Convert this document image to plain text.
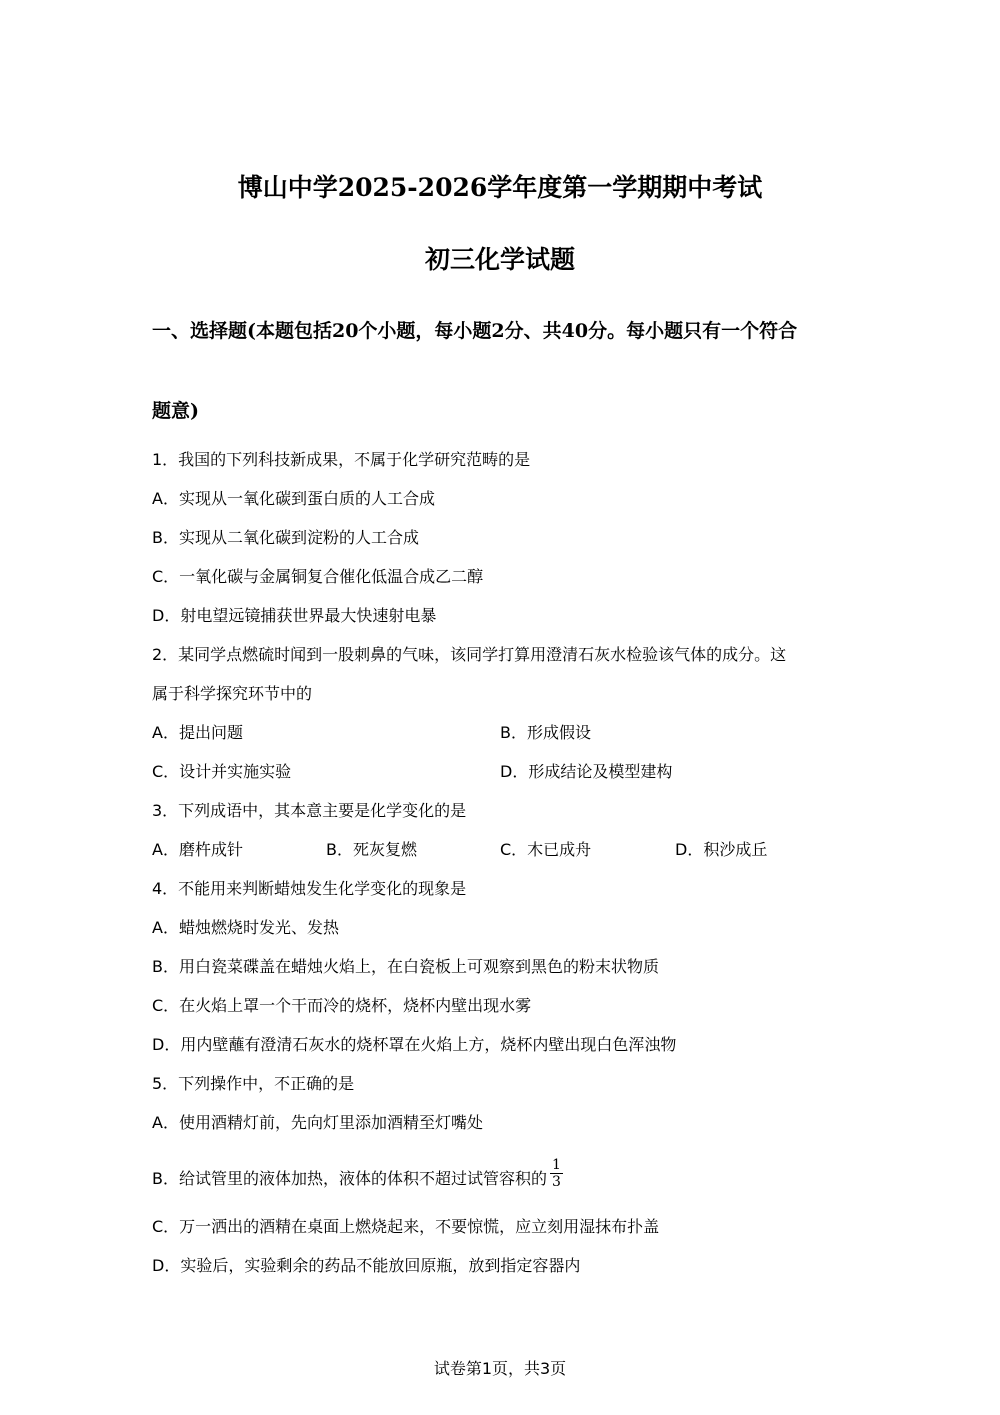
博山中学2025-2026学年度第一学期期中考试
初三化学试题
一、选择题(本题包括20个小题，每小题2分、共40分。每小题只有一个符合
题意)
1．我国的下列科技新成果，不属于化学研究范畴的是
A．实现从一氧化碳到蛋白质的人工合成
B．实现从二氧化碳到淀粉的人工合成
C．一氧化碳与金属铜复合催化低温合成乙二醇
D．射电望远镜捕获世界最大快速射电暴
2．某同学点燃硫时闻到一股刺鼻的气味，该同学打算用澄清石灰水检验该气体的成分。这
属于科学探究环节中的
A．提出问题	B．形成假设
C．设计并实施实验	D．形成结论及模型建构
3．下列成语中，其本意主要是化学变化的是
A．磨杵成针	B．死灰复燃	C．木已成舟	D．积沙成丘
4．不能用来判断蜡烛发生化学变化的现象是
A．蜡烛燃烧时发光、发热
B．用白瓷菜碟盖在蜡烛火焰上，在白瓷板上可观察到黑色的粉末状物质
C．在火焰上罩一个干而冷的烧杯，烧杯内壁出现水雾
D．用内壁蘸有澄清石灰水的烧杯罩在火焰上方，烧杯内壁出现白色浑浊物
5．下列操作中，不正确的是
A．使用酒精灯前，先向灯里添加酒精至灯嘴处
B．给试管里的液体加热，液体的体积不超过试管容积的 $\frac{1}{3}$
C．万一洒出的酒精在桌面上燃烧起来，不要惊慌，应立刻用湿抹布扑盖
D．实验后，实验剩余的药品不能放回原瓶，放到指定容器内
试卷第1页，共3页
